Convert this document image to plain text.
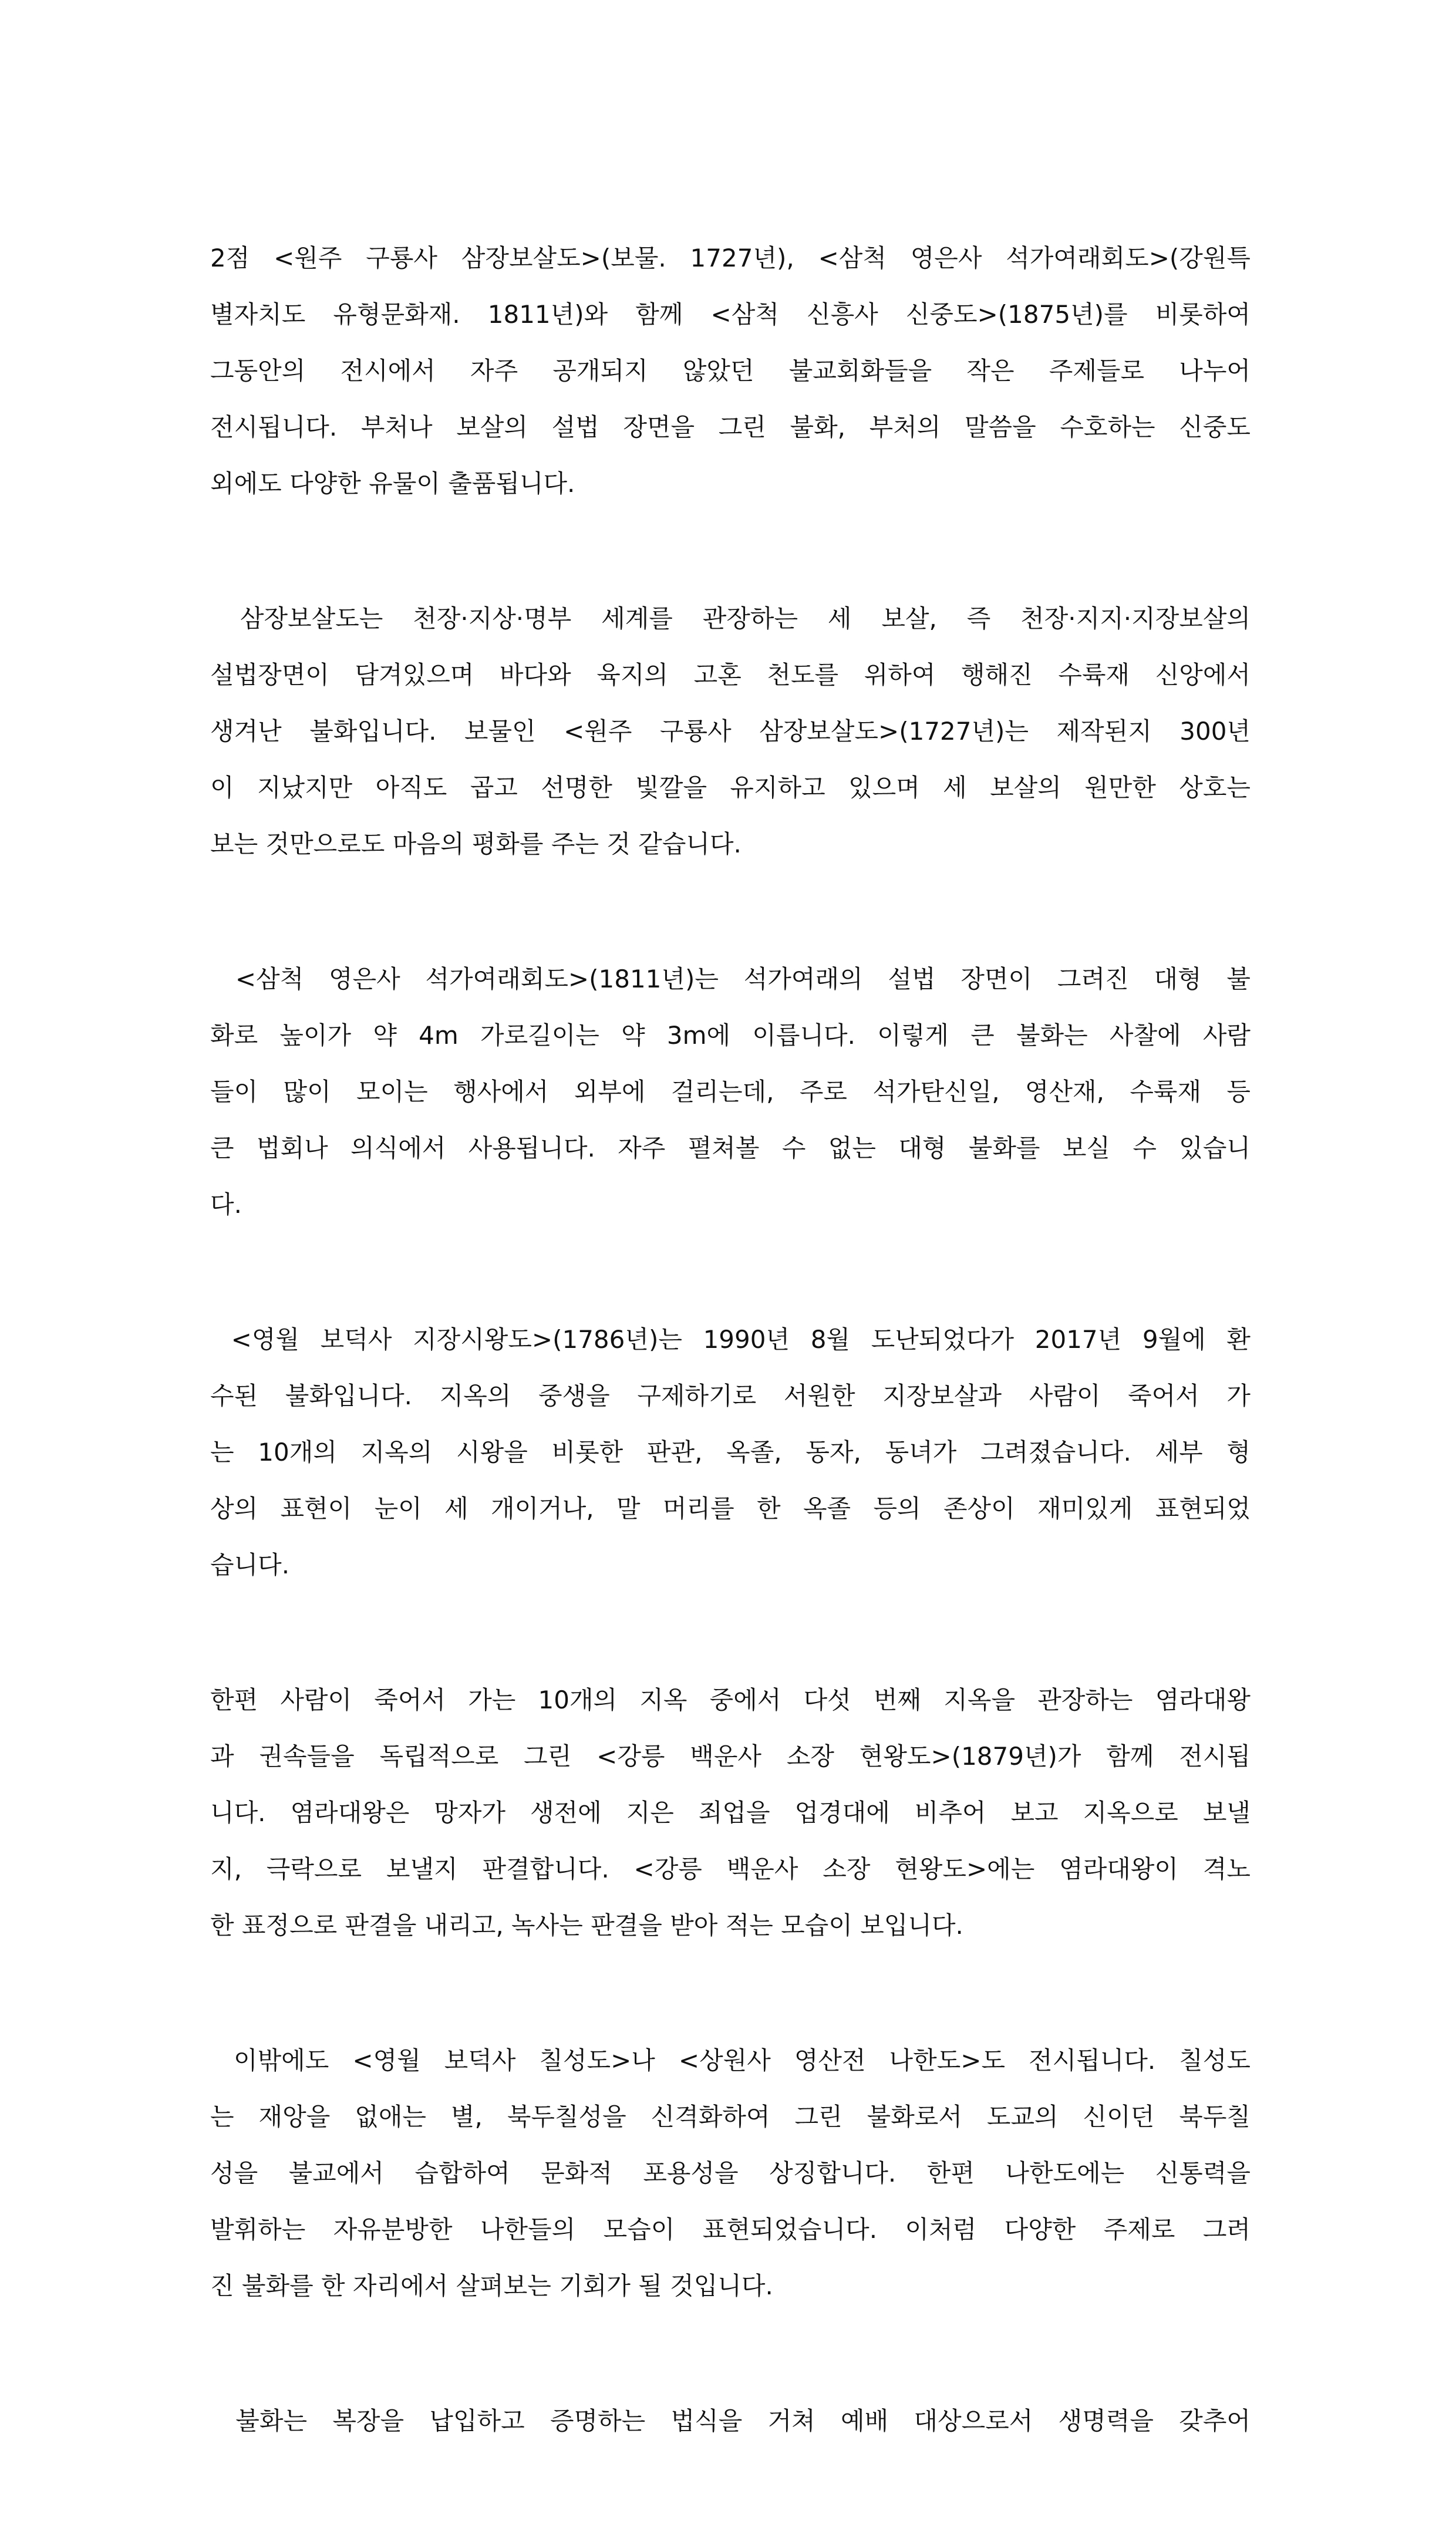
2점 <원주 구룡사 삼장보살도>(보물. 1727년), <삼척 영은사 석가여래회도>(강원특
별자치도 유형문화재. 1811년)와 함께 <삼척 신흥사 신중도>(1875년)를 비롯하여
그동안의 전시에서 자주 공개되지 않았던 불교회화들을 작은 주제들로 나누어
전시됩니다. 부처나 보살의 설법 장면을 그린 불화, 부처의 말씀을 수호하는 신중도
외에도 다양한 유물이 출품됩니다.
삼장보살도는 천장·지상·명부 세계를 관장하는 세 보살, 즉 천장·지지·지장보살의
설법장면이 담겨있으며 바다와 육지의 고혼 천도를 위하여 행해진 수륙재 신앙에서
생겨난 불화입니다. 보물인 <원주 구룡사 삼장보살도>(1727년)는 제작된지 300년
이 지났지만 아직도 곱고 선명한 빛깔을 유지하고 있으며 세 보살의 원만한 상호는
보는 것만으로도 마음의 평화를 주는 것 같습니다.
<삼척 영은사 석가여래회도>(1811년)는 석가여래의 설법 장면이 그려진 대형 불
화로 높이가 약 4m 가로길이는 약 3m에 이릅니다. 이렇게 큰 불화는 사찰에 사람
들이 많이 모이는 행사에서 외부에 걸리는데, 주로 석가탄신일, 영산재, 수륙재 등
큰 법회나 의식에서 사용됩니다. 자주 펼쳐볼 수 없는 대형 불화를 보실 수 있습니
다.
<영월 보덕사 지장시왕도>(1786년)는 1990년 8월 도난되었다가 2017년 9월에 환
수된 불화입니다. 지옥의 중생을 구제하기로 서원한 지장보살과 사람이 죽어서 가
는 10개의 지옥의 시왕을 비롯한 판관, 옥졸, 동자, 동녀가 그려졌습니다. 세부 형
상의 표현이 눈이 세 개이거나, 말 머리를 한 옥졸 등의 존상이 재미있게 표현되었
습니다.
한편 사람이 죽어서 가는 10개의 지옥 중에서 다섯 번째 지옥을 관장하는 염라대왕
과 권속들을 독립적으로 그린 <강릉 백운사 소장 현왕도>(1879년)가 함께 전시됩
니다. 염라대왕은 망자가 생전에 지은 죄업을 업경대에 비추어 보고 지옥으로 보낼
지, 극락으로 보낼지 판결합니다. <강릉 백운사 소장 현왕도>에는 염라대왕이 격노
한 표정으로 판결을 내리고, 녹사는 판결을 받아 적는 모습이 보입니다.
이밖에도 <영월 보덕사 칠성도>나 <상원사 영산전 나한도>도 전시됩니다. 칠성도
는 재앙을 없애는 별, 북두칠성을 신격화하여 그린 불화로서 도교의 신이던 북두칠
성을 불교에서 습합하여 문화적 포용성을 상징합니다. 한편 나한도에는 신통력을
발휘하는 자유분방한 나한들의 모습이 표현되었습니다. 이처럼 다양한 주제로 그려
진 불화를 한 자리에서 살펴보는 기회가 될 것입니다.
불화는 복장을 납입하고 증명하는 법식을 거쳐 예배 대상으로서 생명력을 갖추어
